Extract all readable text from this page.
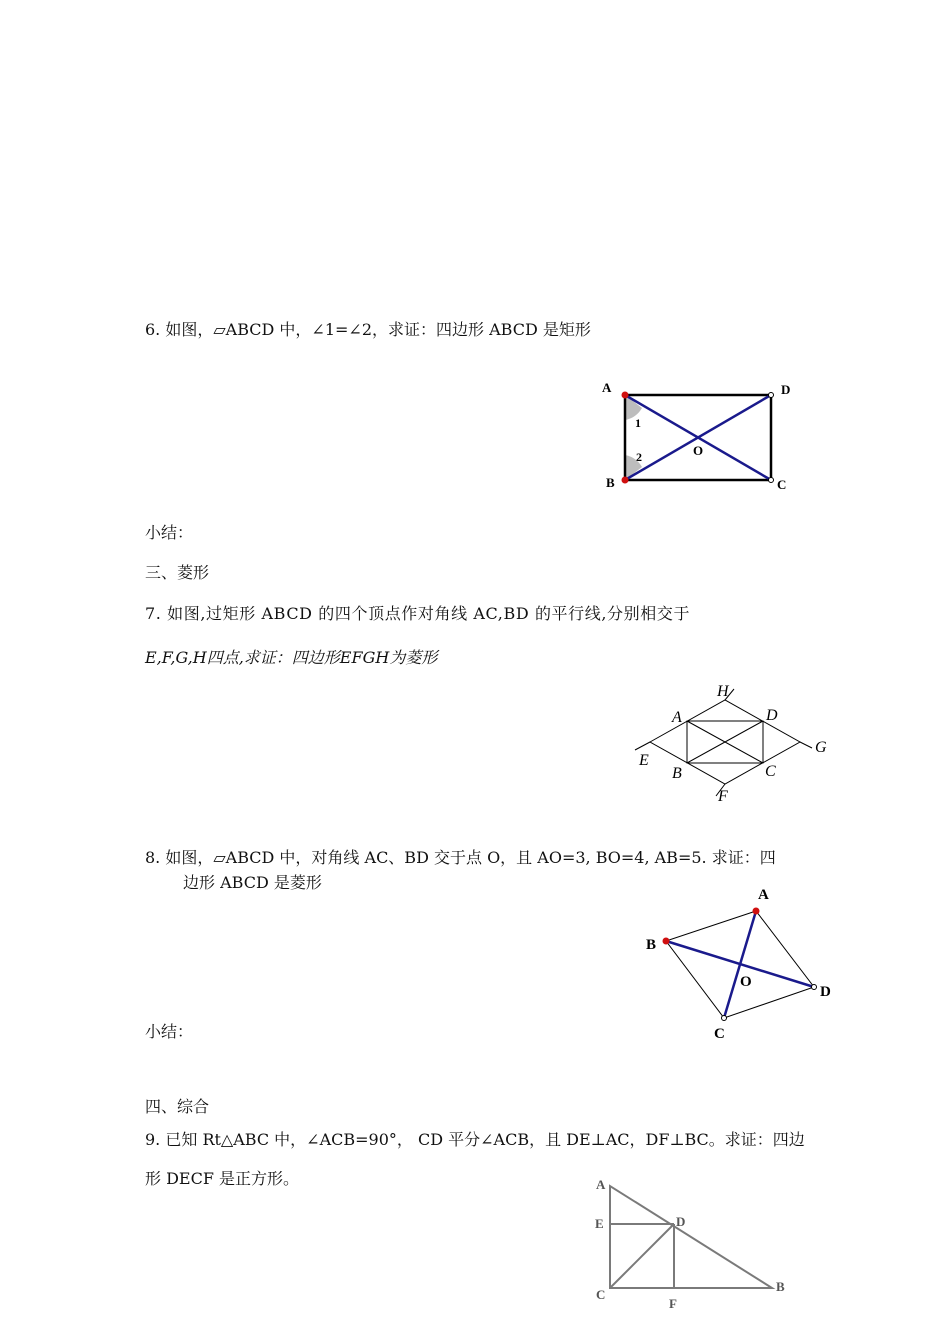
6. 如图，▱ABCD 中，∠1=∠2，求证：四边形 ABCD 是矩形
A
B	C
D
O
1
2
小结：
三、菱形
7. 如图,过矩形 ABCD 的四个顶点作对角线 AC,BD 的平行线,分别相交于
E,F,G,H四点,求证：四边形EFGH为菱形
H
A	D
G
E
B	C
F
8. 如图，▱ABCD 中，对角线 AC、BD 交于点 O，且 AO=3, BO=4, AB=5. 求证：四
边形 ABCD 是菱形
A
B
D
C
O
小结：
四、综合
9. 已知 Rt△ABC 中，∠ACB=90°， CD 平分∠ACB，且 DE⊥AC，DF⊥BC。求证：四边
形 DECF 是正方形。	A
E	D
C
F
B
